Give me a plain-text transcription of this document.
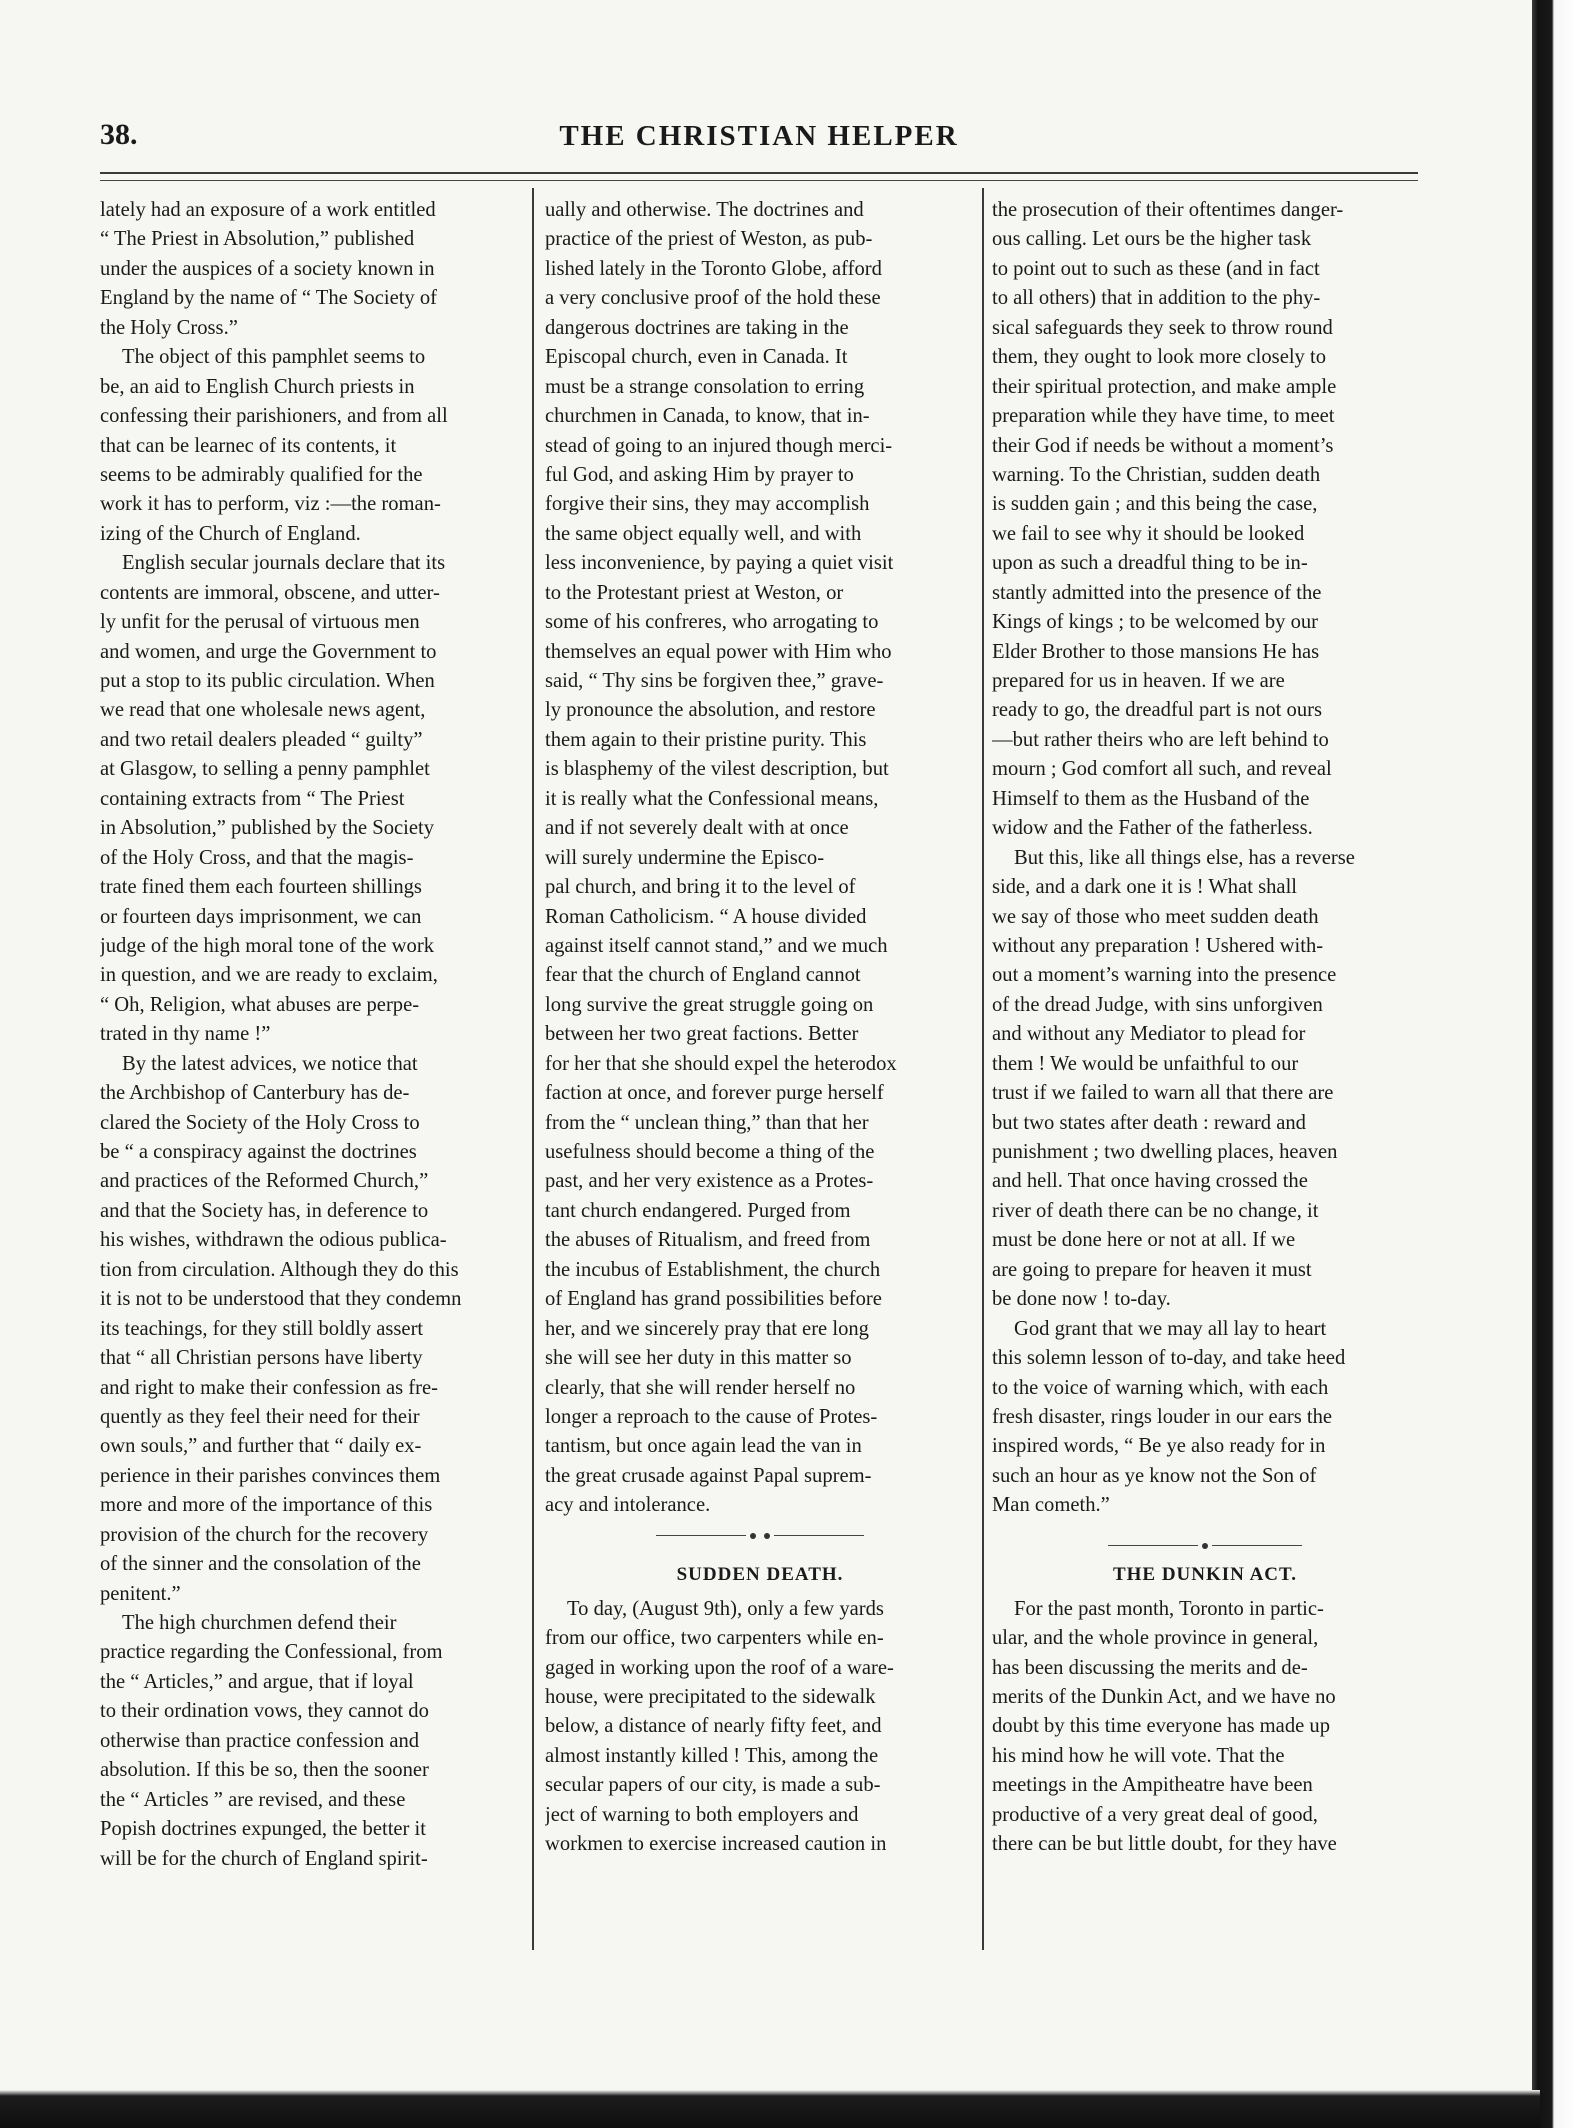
38.	THE CHRISTIAN HELPER
lately had an exposure of a work entitled
“ The Priest in Absolution,” published
under the auspices of a society known in
England by the name of “ The Society of
the Holy Cross.”
The object of this pamphlet seems to
be, an aid to English Church priests in
confessing their parishioners, and from all
that can be learnec of its contents, it
seems to be admirably qualified for the
work it has to perform, viz :—the roman-
izing of the Church of England.
English secular journals declare that its
contents are immoral, obscene, and utter-
ly unfit for the perusal of virtuous men
and women, and urge the Government to
put a stop to its public circulation. When
we read that one wholesale news agent,
and two retail dealers pleaded “ guilty”
at Glasgow, to selling a penny pamphlet
containing extracts from “ The Priest
in Absolution,” published by the Society
of the Holy Cross, and that the magis-
trate fined them each fourteen shillings
or fourteen days imprisonment, we can
judge of the high moral tone of the work
in question, and we are ready to exclaim,
“ Oh, Religion, what abuses are perpe-
trated in thy name !”
By the latest advices, we notice that
the Archbishop of Canterbury has de-
clared the Society of the Holy Cross to
be “ a conspiracy against the doctrines
and practices of the Reformed Church,”
and that the Society has, in deference to
his wishes, withdrawn the odious publica-
tion from circulation. Although they do this
it is not to be understood that they condemn
its teachings, for they still boldly assert
that “ all Christian persons have liberty
and right to make their confession as fre-
quently as they feel their need for their
own souls,” and further that “ daily ex-
perience in their parishes convinces them
more and more of the importance of this
provision of the church for the recovery
of the sinner and the consolation of the
penitent.”
The high churchmen defend their
practice regarding the Confessional, from
the “ Articles,” and argue, that if loyal
to their ordination vows, they cannot do
otherwise than practice confession and
absolution. If this be so, then the sooner
the “ Articles ” are revised, and these
Popish doctrines expunged, the better it
will be for the church of England spirit-
ually and otherwise. The doctrines and
practice of the priest of Weston, as pub-
lished lately in the Toronto Globe, afford
a very conclusive proof of the hold these
dangerous doctrines are taking in the
Episcopal church, even in Canada. It
must be a strange consolation to erring
churchmen in Canada, to know, that in-
stead of going to an injured though merci-
ful God, and asking Him by prayer to
forgive their sins, they may accomplish
the same object equally well, and with
less inconvenience, by paying a quiet visit
to the Protestant priest at Weston, or
some of his confreres, who arrogating to
themselves an equal power with Him who
said, “ Thy sins be forgiven thee,” grave-
ly pronounce the absolution, and restore
them again to their pristine purity. This
is blasphemy of the vilest description, but
it is really what the Confessional means,
and if not severely dealt with at once
will surely undermine the Episco-
pal church, and bring it to the level of
Roman Catholicism. “ A house divided
against itself cannot stand,” and we much
fear that the church of England cannot
long survive the great struggle going on
between her two great factions. Better
for her that she should expel the heterodox
faction at once, and forever purge herself
from the “ unclean thing,” than that her
usefulness should become a thing of the
past, and her very existence as a Protes-
tant church endangered. Purged from
the abuses of Ritualism, and freed from
the incubus of Establishment, the church
of England has grand possibilities before
her, and we sincerely pray that ere long
she will see her duty in this matter so
clearly, that she will render herself no
longer a reproach to the cause of Protes-
tantism, but once again lead the van in
the great crusade against Papal suprem-
acy and intolerance.
SUDDEN DEATH.
To day, (August 9th), only a few yards
from our office, two carpenters while en-
gaged in working upon the roof of a ware-
house, were precipitated to the sidewalk
below, a distance of nearly fifty feet, and
almost instantly killed ! This, among the
secular papers of our city, is made a sub-
ject of warning to both employers and
workmen to exercise increased caution in
the prosecution of their oftentimes danger-
ous calling. Let ours be the higher task
to point out to such as these (and in fact
to all others) that in addition to the phy-
sical safeguards they seek to throw round
them, they ought to look more closely to
their spiritual protection, and make ample
preparation while they have time, to meet
their God if needs be without a moment’s
warning. To the Christian, sudden death
is sudden gain ; and this being the case,
we fail to see why it should be looked
upon as such a dreadful thing to be in-
stantly admitted into the presence of the
Kings of kings ; to be welcomed by our
Elder Brother to those mansions He has
prepared for us in heaven. If we are
ready to go, the dreadful part is not ours
—but rather theirs who are left behind to
mourn ; God comfort all such, and reveal
Himself to them as the Husband of the
widow and the Father of the fatherless.
But this, like all things else, has a reverse
side, and a dark one it is ! What shall
we say of those who meet sudden death
without any preparation ! Ushered with-
out a moment’s warning into the presence
of the dread Judge, with sins unforgiven
and without any Mediator to plead for
them ! We would be unfaithful to our
trust if we failed to warn all that there are
but two states after death : reward and
punishment ; two dwelling places, heaven
and hell. That once having crossed the
river of death there can be no change, it
must be done here or not at all. If we
are going to prepare for heaven it must
be done now ! to-day.
God grant that we may all lay to heart
this solemn lesson of to-day, and take heed
to the voice of warning which, with each
fresh disaster, rings louder in our ears the
inspired words, “ Be ye also ready for in
such an hour as ye know not the Son of
Man cometh.”
THE DUNKIN ACT.
For the past month, Toronto in partic-
ular, and the whole province in general,
has been discussing the merits and de-
merits of the Dunkin Act, and we have no
doubt by this time everyone has made up
his mind how he will vote. That the
meetings in the Ampitheatre have been
productive of a very great deal of good,
there can be but little doubt, for they have
